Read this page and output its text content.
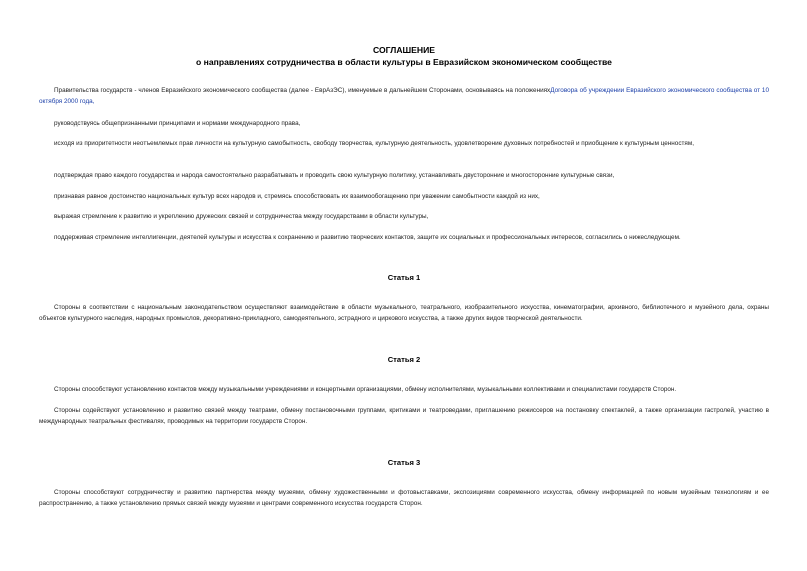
СОГЛАШЕНИЕ
о направлениях сотрудничества в области культуры в Евразийском экономическом сообществе
Правительства государств - членов Евразийского экономического сообщества (далее - ЕврАзЭС), именуемые в дальнейшем Сторонами, основываясь на положенияхДоговора об учреждении Евразийского экономического сообщества от 10 октября 2000 года,
руководствуясь общепризнанными принципами и нормами международного права,
исходя из приоритетности неотъемлемых прав личности на культурную самобытность, свободу творчества, культурную деятельность, удовлетворение духовных потребностей и приобщение к культурным ценностям,
подтверждая право каждого государства и народа самостоятельно разрабатывать и проводить свою культурную политику, устанавливать двусторонние и многосторонние культурные связи,
признавая равное достоинство национальных культур всех народов и, стремясь способствовать их взаимообогащению при уважении самобытности каждой из них,
выражая стремление к развитию и укреплению дружеских связей и сотрудничества между государствами в области культуры,
поддерживая стремление интеллигенции, деятелей культуры и искусства к сохранению и развитию творческих контактов, защите их социальных и профессиональных интересов, согласились о нижеследующем.
Статья 1
Стороны в соответствии с национальным законодательством осуществляют взаимодействие в области музыкального, театрального, изобразительного искусства, кинематографии, архивного, библиотечного и музейного дела, охраны объектов культурного наследия, народных промыслов, декоративно-прикладного, самодеятельного, эстрадного и циркового искусства, а также других видов творческой деятельности.
Статья 2
Стороны способствуют установлению контактов между музыкальными учреждениями и концертными организациями, обмену исполнителями, музыкальными коллективами и специалистами государств Сторон.
Стороны содействуют установлению и развитию связей между театрами, обмену постановочными группами, критиками и театроведами, приглашению режиссеров на постановку спектаклей, а также организации гастролей, участию в международных театральных фестивалях, проводимых на территории государств Сторон.
Статья 3
Стороны способствуют сотрудничеству и развитию партнерства между музеями, обмену художественными и фотовыставками, экспозициями современного искусства, обмену информацией по новым музейным технологиям и ее распространению, а также установлению прямых связей между музеями и центрами современного искусства государств Сторон.
